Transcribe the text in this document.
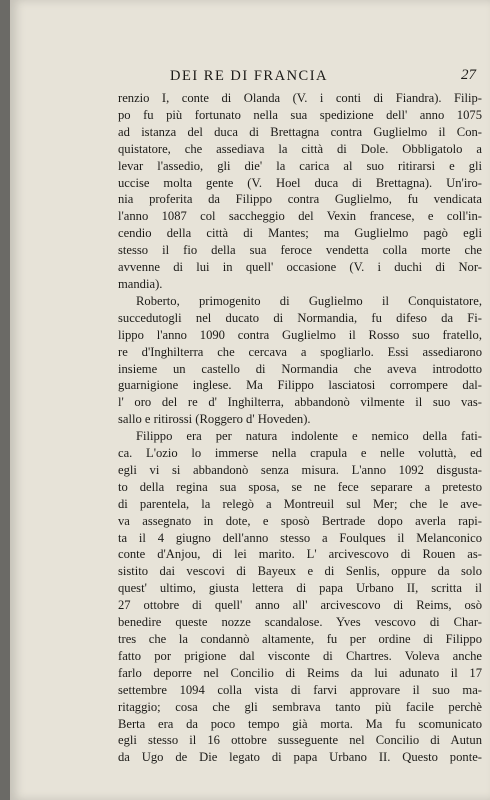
DEI RE DI FRANCIA	27

renzio I, conte di Olanda (V. i conti di Fiandra). Filip-
po fu più fortunato nella sua spedizione dell' anno 1075
ad istanza del duca di Brettagna contra Guglielmo il Con-
quistatore, che assediava la città di Dole. Obbligatolo a
levar l'assedio, gli die' la carica al suo ritirarsi e gli
uccise molta gente (V. Hoel duca di Brettagna). Un'iro-
nia proferita da Filippo contra Guglielmo, fu vendicata
l'anno 1087 col saccheggio del Vexin francese, e coll'in-
cendio della città di Mantes; ma Guglielmo pagò egli
stesso il fio della sua feroce vendetta colla morte che
avvenne di lui in quell' occasione (V. i duchi di Nor-
mandia).

Roberto, primogenito di Guglielmo il Conquistatore,
succedutogli nel ducato di Normandia, fu difeso da Fi-
lippo l'anno 1090 contra Guglielmo il Rosso suo fratello,
re d'Inghilterra che cercava a spogliarlo. Essi assediarono
insieme un castello di Normandia che aveva introdotto
guarnigione inglese. Ma Filippo lasciatosi corrompere dal-
l' oro del re d' Inghilterra, abbandonò vilmente il suo vas-
sallo e ritirossi (Roggero d' Hoveden).

Filippo era per natura indolente e nemico della fati-
ca. L'ozio lo immerse nella crapula e nelle voluttà, ed
egli vi si abbandonò senza misura. L'anno 1092 disgusta-
to della regina sua sposa, se ne fece separare a pretesto
di parentela, la relegò a Montreuil sul Mer; che le ave-
va assegnato in dote, e sposò Bertrade dopo averla rapi-
ta il 4 giugno dell'anno stesso a Foulques il Melanconico
conte d'Anjou, di lei marito. L' arcivescovo di Rouen as-
sistito dai vescovi di Bayeux e di Senlis, oppure da solo
quest' ultimo, giusta lettera di papa Urbano II, scritta il
27 ottobre di quell' anno all' arcivescovo di Reims, osò
benedire queste nozze scandalose. Yves vescovo di Char-
tres che la condannò altamente, fu per ordine di Filippo
fatto por prigione dal visconte di Chartres. Voleva anche
farlo deporre nel Concilio di Reims da lui adunato il 17
settembre 1094 colla vista di farvi approvare il suo ma-
ritaggio; cosa che gli sembrava tanto più facile perchè
Berta era da poco tempo già morta. Ma fu scomunicato
egli stesso il 16 ottobre susseguente nel Concilio di Autun
da Ugo de Die legato di papa Urbano II. Questo ponte-
